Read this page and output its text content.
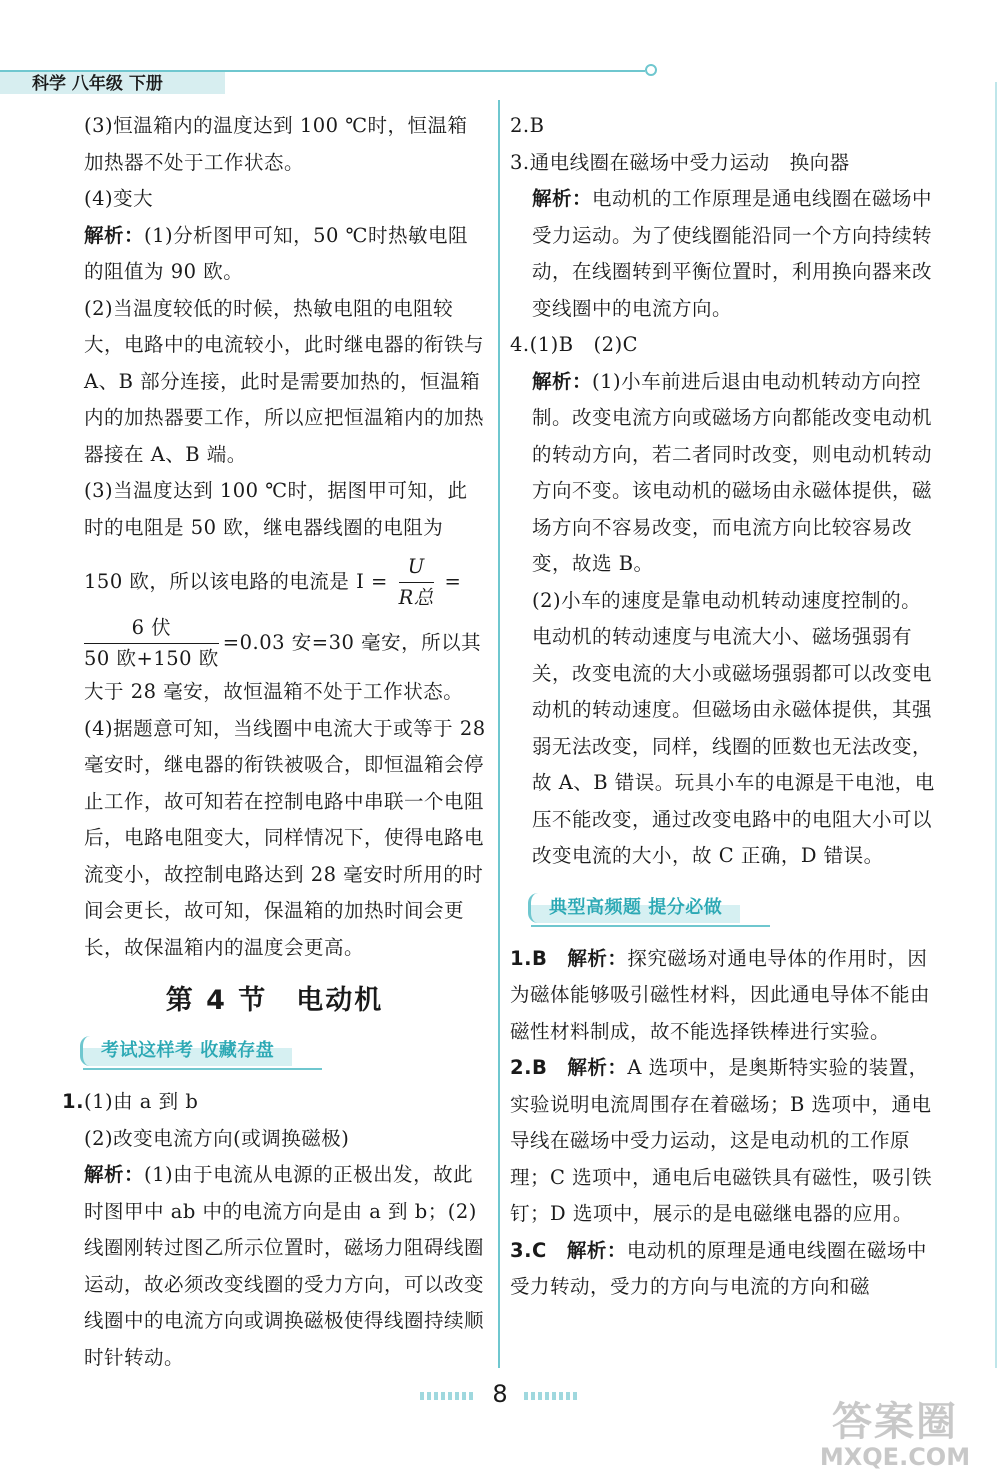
科学 八年级 下册

(3)恒温箱内的温度达到 100 ℃时，恒温箱加热器不处于工作状态。

(4)变大

解析：(1)分析图甲可知，50 ℃时热敏电阻的阻值为 90 欧。

(2)当温度较低的时候，热敏电阻的电阻较大，电路中的电流较小，此时继电器的衔铁与 A、B 部分连接，此时是需要加热的，恒温箱内的加热器要工作，所以应把恒温箱内的加热器接在 A、B 端。

(3)当温度达到 100 ℃时，据图甲可知，此时的电阻是 50 欧，继电器线圈的电阻为

150 欧，所以该电路的电流是 $I = \frac{U}{\text{R总}}$ =

$\frac{\text{6 伏}}{\text{50 欧+150 欧}} =0.03$ 安=30 毫安，所以其

大于 28 毫安，故恒温箱不处于工作状态。

(4)据题意可知，当线圈中电流大于或等于 28 毫安时，继电器的衔铁被吸合，即恒温箱会停止工作，故可知若在控制电路中串联一个电阻后，电路电阻变大，同样情况下，使得电路电流变小，故控制电路达到 28 毫安时所用的时间会更长，故可知，保温箱的加热时间会更长，故保温箱内的温度会更高。

第 4 节　电动机
考试这样考 收藏存盘

1.(1)由 a 到 b

(2)改变电流方向(或调换磁极)

解析：(1)由于电流从电源的正极出发，故此时图甲中 ab 中的电流方向是由 a 到 b；(2)线圈刚转过图乙所示位置时，磁场力阻碍线圈运动，故必须改变线圈的受力方向，可以改变线圈中的电流方向或调换磁极使得线圈持续顺时针转动。

2.B

3.通电线圈在磁场中受力运动　换向器

解析：电动机的工作原理是通电线圈在磁场中受力运动。为了使线圈能沿同一个方向持续转动，在线圈转到平衡位置时，利用换向器来改变线圈中的电流方向。

4.(1)B　(2)C

解析：(1)小车前进后退由电动机转动方向控制。改变电流方向或磁场方向都能改变电动机的转动方向，若二者同时改变，则电动机转动方向不变。该电动机的磁场由永磁体提供，磁场方向不容易改变，而电流方向比较容易改变，故选 B。

(2)小车的速度是靠电动机转动速度控制的。电动机的转动速度与电流大小、磁场强弱有关，改变电流的大小或磁场强弱都可以改变电动机的转动速度。但磁场由永磁体提供，其强弱无法改变，同样，线圈的匝数也无法改变，故 A、B 错误。玩具小车的电源是干电池，电压不能改变，通过改变电路中的电阻大小可以改变电流的大小，故 C 正确，D 错误。

典型高频题 提分必做

1.B　 解析：探究磁场对通电导体的作用时，因为磁体能够吸引磁性材料，因此通电导体不能由磁性材料制成，故不能选择铁棒进行实验。

2.B　 解析：A 选项中，是奥斯特实验的装置，实验说明电流周围存在着磁场；B 选项中，通电导线在磁场中受力运动，这是电动机的工作原理；C 选项中，通电后电磁铁具有磁性，吸引铁钉；D 选项中，展示的是电磁继电器的应用。

3.C　 解析：电动机的原理是通电线圈在磁场中受力转动，受力的方向与电流的方向和磁

8
答案圈
MXQE.COM
